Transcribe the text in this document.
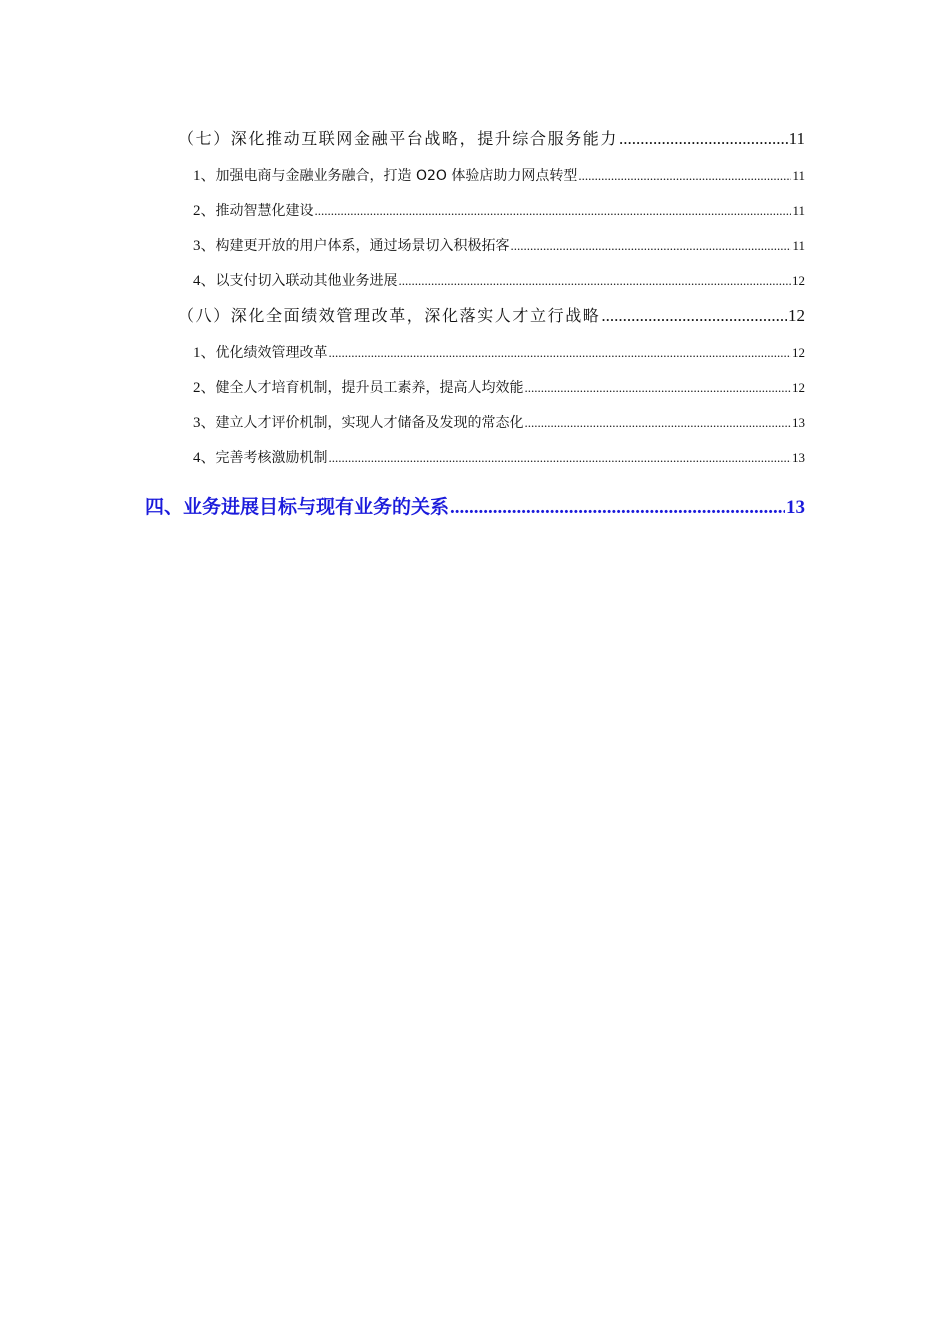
（七）深化推动互联网金融平台战略，提升综合服务能力 .....	11
1、加强电商与金融业务融合，打造 O2O 体验店助力网点转型 .....	11
2、推动智慧化建设 .....	11
3、构建更开放的用户体系，通过场景切入积极拓客 .....	11
4、以支付切入联动其他业务进展 .....	12
（八）深化全面绩效管理改革，深化落实人才立行战略 .....	12
1、优化绩效管理改革 .....	12
2、健全人才培育机制，提升员工素养，提高人均效能 .....	12
3、建立人才评价机制，实现人才储备及发现的常态化 .....	13
4、完善考核激励机制 .....	13
四、业务进展目标与现有业务的关系 .....	13
